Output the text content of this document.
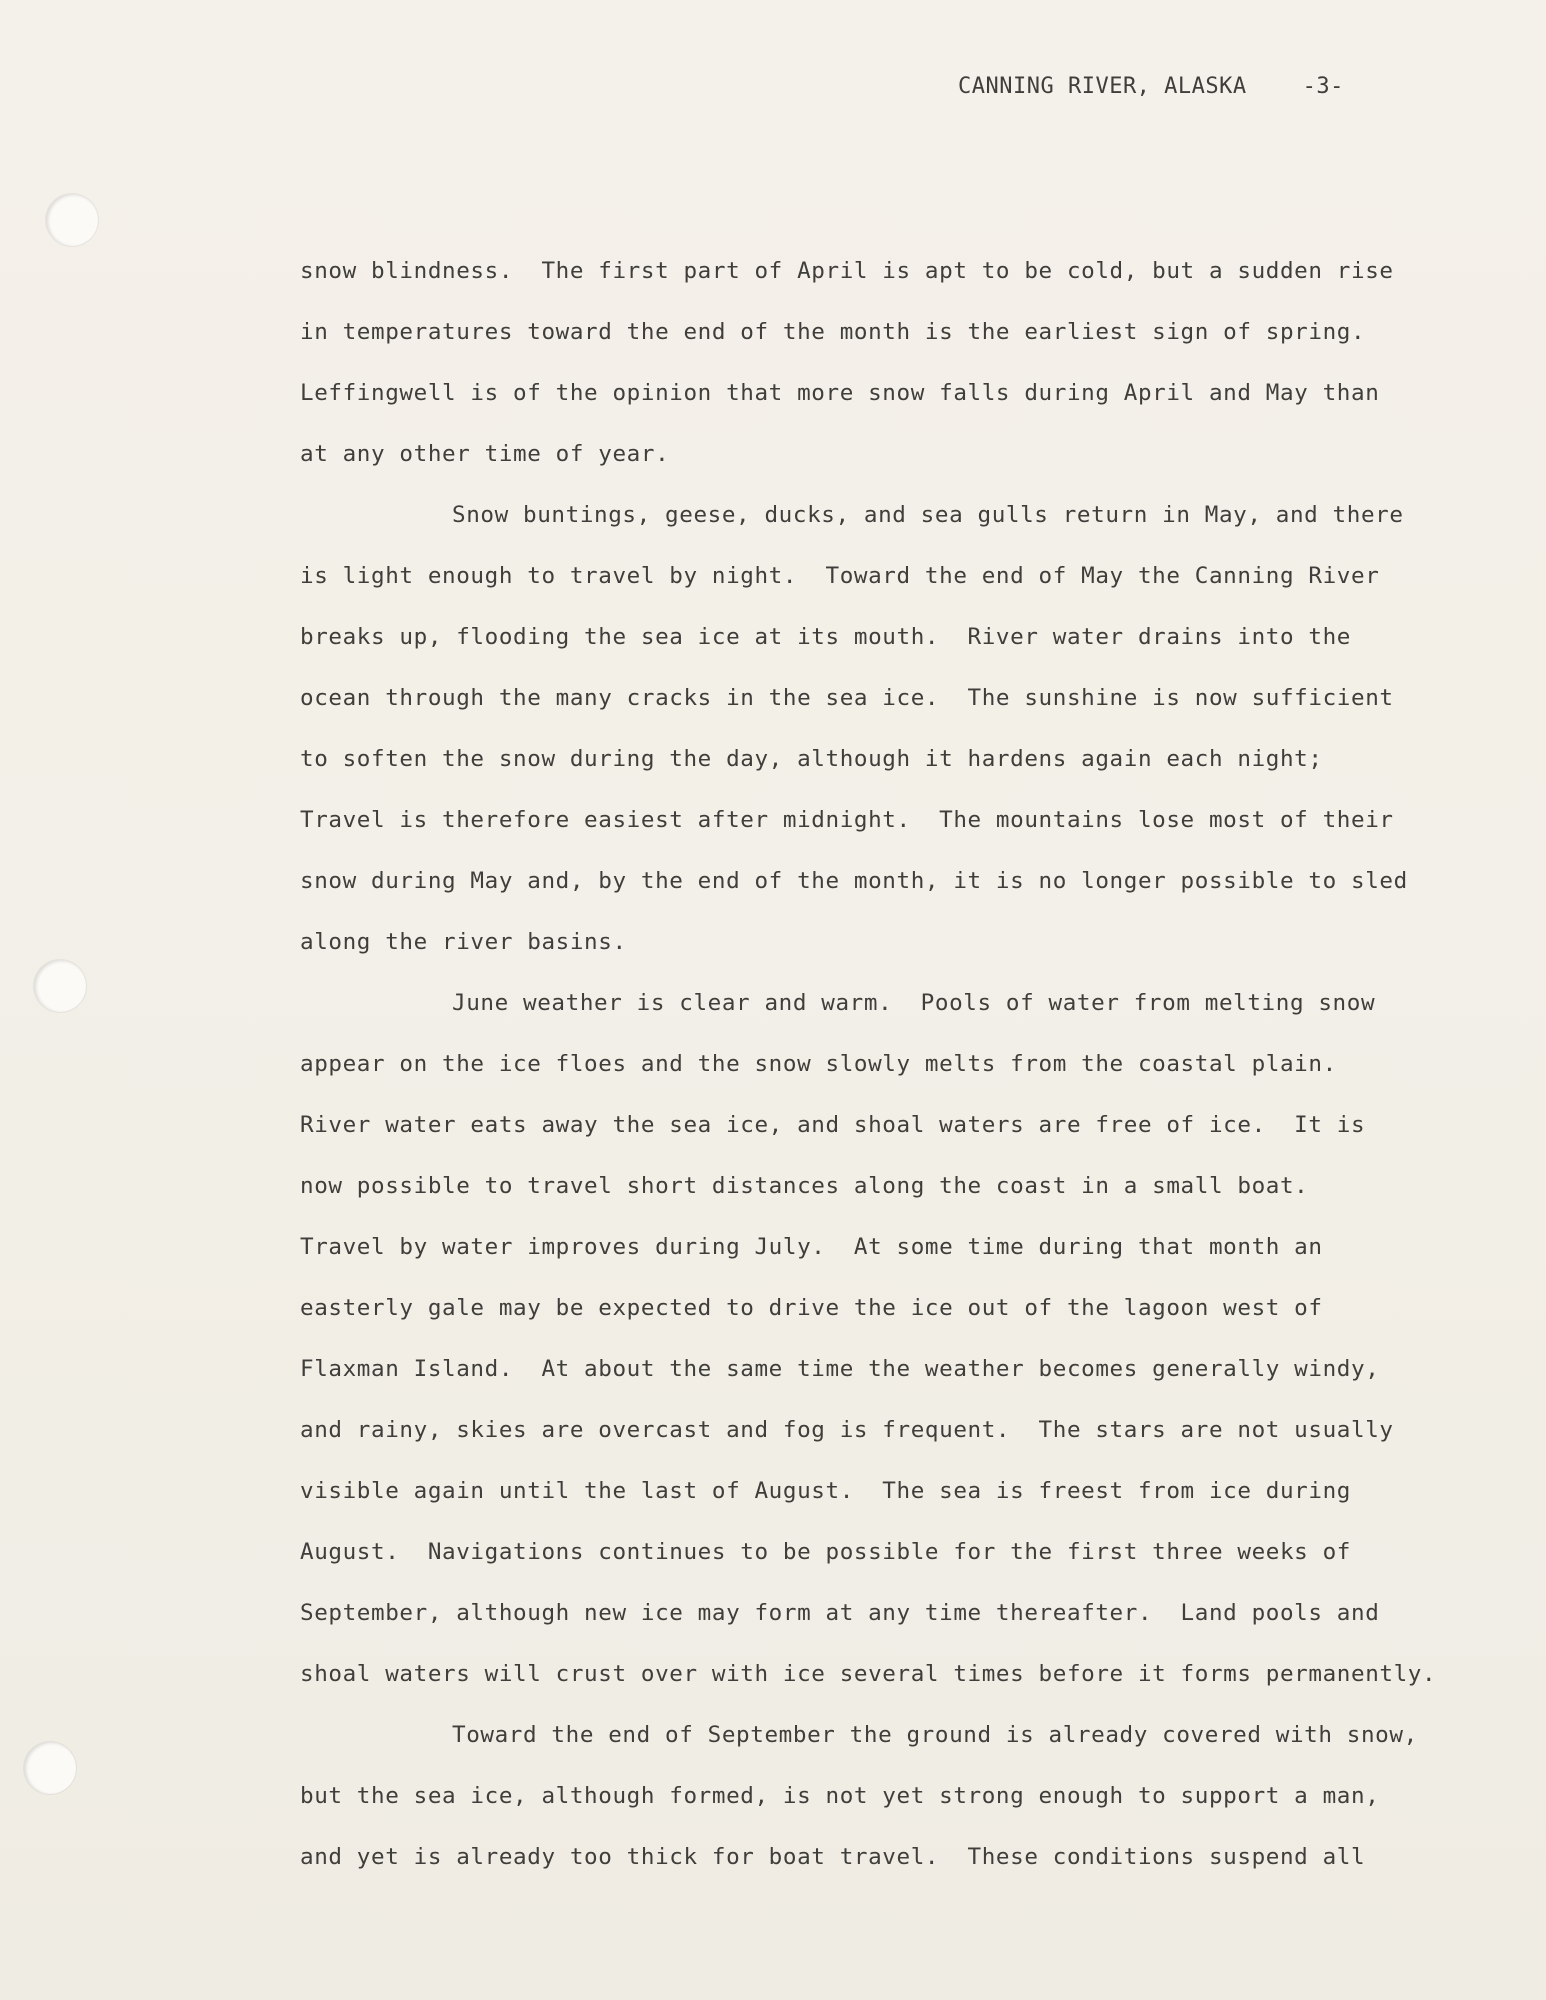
CANNING RIVER, ALASKA	-3-
snow blindness.  The first part of April is apt to be cold, but a sudden rise
in temperatures toward the end of the month is the earliest sign of spring.
Leffingwell is of the opinion that more snow falls during April and May than
at any other time of year.
Snow buntings, geese, ducks, and sea gulls return in May, and there
is light enough to travel by night.  Toward the end of May the Canning River
breaks up, flooding the sea ice at its mouth.  River water drains into the
ocean through the many cracks in the sea ice.  The sunshine is now sufficient
to soften the snow during the day, although it hardens again each night;
Travel is therefore easiest after midnight.  The mountains lose most of their
snow during May and, by the end of the month, it is no longer possible to sled
along the river basins.
June weather is clear and warm.  Pools of water from melting snow
appear on the ice floes and the snow slowly melts from the coastal plain.
River water eats away the sea ice, and shoal waters are free of ice.  It is
now possible to travel short distances along the coast in a small boat.
Travel by water improves during July.  At some time during that month an
easterly gale may be expected to drive the ice out of the lagoon west of
Flaxman Island.  At about the same time the weather becomes generally windy,
and rainy, skies are overcast and fog is frequent.  The stars are not usually
visible again until the last of August.  The sea is freest from ice during
August.  Navigations continues to be possible for the first three weeks of
September, although new ice may form at any time thereafter.  Land pools and
shoal waters will crust over with ice several times before it forms permanently.
Toward the end of September the ground is already covered with snow,
but the sea ice, although formed, is not yet strong enough to support a man,
and yet is already too thick for boat travel.  These conditions suspend all
